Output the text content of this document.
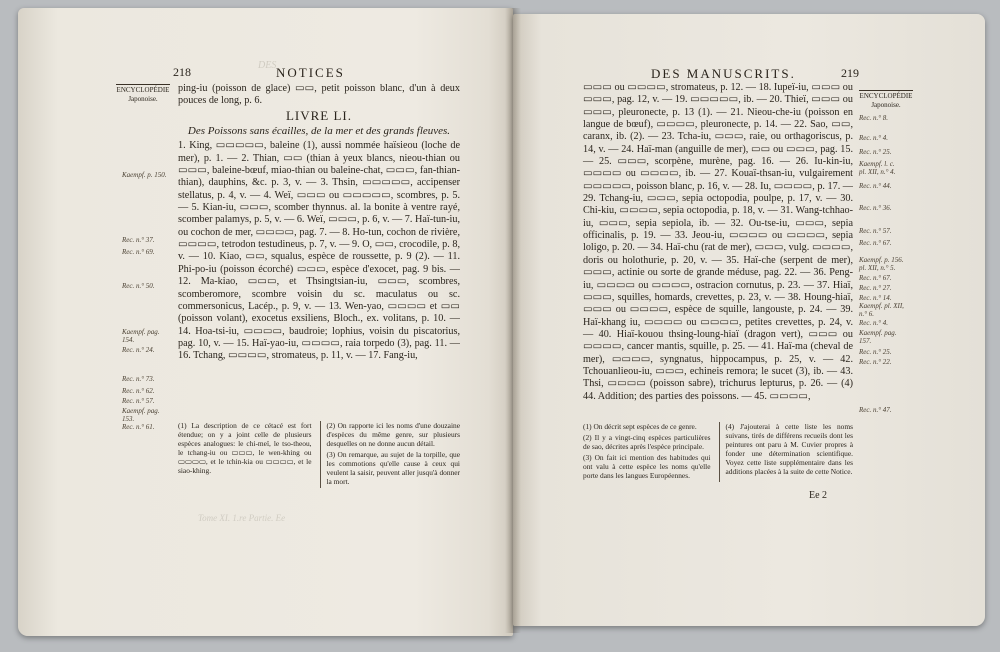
DES
218	NOTICES
ENCYCLOPÉDIE
Japonoise.
Kaempf. p. 150.
Rec. n.° 37.
Rec. n.° 69.
Rec. n.° 50.
Kaempf. pag.
154.
Rec. n.° 24.
Rec. n.° 73.
Rec. n.° 62.
Rec. n.° 57.
Kaempf. pag.
153.
Rec. n.° 61.

ping-iu (poisson de glace) ▭▭, petit poisson blanc, d'un à deux pouces de long, p. 6.

LIVRE LI.
Des Poissons sans écailles, de la mer et des grands fleuves.

1. King, ▭▭▭▭▭, baleine (1), aussi nommée haïsieou (loche de mer), p. 1. — 2. Thian, ▭▭ (thian à yeux blancs, nieou-thian ou ▭▭▭, baleine-bœuf, miao-thian ou baleine-chat, ▭▭▭, fan-thian-thian), dauphins, &c. p. 3, v. — 3. Thsin, ▭▭▭▭▭, accipenser stellatus, p. 4, v. — 4. Weï, ▭▭▭ ou ▭▭▭▭▭, scombres, p. 5. — 5. Kian-iu, ▭▭▭, scomber thynnus. al. la bonite à ventre rayé, scomber palamys, p. 5, v. — 6. Weï, ▭▭▭, p. 6, v. — 7. Haï-tun-iu, ou cochon de mer, ▭▭▭▭, pag. 7. — 8. Ho-tun, cochon de rivière, ▭▭▭▭, tetrodon testudineus, p. 7, v. — 9. O, ▭▭, crocodile, p. 8, v. — 10. Kiao, ▭▭, squalus, espèce de roussette, p. 9 (2). — 11. Phi-po-iu (poisson écorché) ▭▭▭, espèce d'exocet, pag. 9 bis. — 12. Ma-kiao, ▭▭▭, et Thsingtsian-iu, ▭▭▭, scombres, scomberomore, scombre voisin du sc. maculatus ou sc. commersonicus, Lacép., p. 9, v. — 13. Wen-yao, ▭▭▭▭ et ▭▭ (poisson volant), exocetus exsiliens, Bloch., ex. volitans, p. 10. — 14. Hoa-tsi-iu, ▭▭▭▭, baudroie; lophius, voisin du piscatorius, pag. 10, v. — 15. Haï-yao-iu, ▭▭▭▭, raia torpedo (3), pag. 11. — 16. Tchang, ▭▭▭▭, stromateus, p. 11, v. — 17. Fang-iu,

(1) La description de ce cétacé est fort étendue; on y a joint celle de plusieurs espèces analogues: le chi-meï, le tso-theou, le tchang-iu ou ▭▭▭, le wen-khing ou ▭▭▭▭, et le tchin-kia ou ▭▭▭▭, et le siao-khing.

(2) On rapporte ici les noms d'une douzaine d'espèces du même genre, sur plusieurs desquelles on ne donne aucun détail.

(3) On remarque, au sujet de la torpille, que les commotions qu'elle cause à ceux qui veulent la saisir, peuvent aller jusqu'à donner la mort.

Tome XI. 1.re Partie. Ee
DES MANUSCRITS.	219
ENCYCLOPÉDIE
Japonoise.
Rec. n.° 8.
Rec. n.° 4.
Rec. n.° 25.
Kaempf. l. c.
pl. XII, n.° 4.
Rec. n.° 44.
Rec. n.° 36.
Rec. n.° 57.
Rec. n.° 67.
Kaempf. p. 156.
pl. XII, n.° 5.
Rec. n.° 67.
Rec. n.° 27.
Rec. n.° 14.
Kaempf. pl. XII,
n.° 6.
Rec. n.° 4.
Kaempf. pag.
157.
Rec. n.° 25.
Rec. n.° 22.
Rec. n.° 47.

▭▭▭ ou ▭▭▭▭, stromateus, p. 12. — 18. Iupeï-iu, ▭▭▭ ou ▭▭▭, pag. 12, v. — 19. ▭▭▭▭▭, ib. — 20. Thieï, ▭▭▭ ou ▭▭▭, pleuronecte, p. 13 (1). — 21. Nieou-che-iu (poisson en langue de bœuf), ▭▭▭▭, pleuronecte, p. 14. — 22. Sao, ▭▭, caranx, ib. (2). — 23. Tcha-iu, ▭▭▭, raie, ou orthagoriscus, p. 14, v. — 24. Haï-man (anguille de mer), ▭▭ ou ▭▭▭, pag. 15. — 25. ▭▭▭, scorpène, murène, pag. 16. — 26. Iu-kin-iu, ▭▭▭▭ ou ▭▭▭▭, ib. — 27. Kouaï-thsan-iu, vulgairement ▭▭▭▭▭, poisson blanc, p. 16, v. — 28. Iu, ▭▭▭▭, p. 17. — 29. Tchang-iu, ▭▭▭, sepia octopodia, poulpe, p. 17, v. — 30. Chi-kiu, ▭▭▭▭, sepia octopodia, p. 18, v. — 31. Wang-tchhao-iu, ▭▭▭, sepia sepiola, ib. — 32. Ou-tse-iu, ▭▭▭, sepia officinalis, p. 19. — 33. Jeou-iu, ▭▭▭▭ ou ▭▭▭▭, sepia loligo, p. 20. — 34. Haï-chu (rat de mer), ▭▭▭, vulg. ▭▭▭▭, doris ou holothurie, p. 20, v. — 35. Haï-che (serpent de mer), ▭▭▭, actinie ou sorte de grande méduse, pag. 22. — 36. Peng-iu, ▭▭▭▭ ou ▭▭▭▭, ostracion cornutus, p. 23. — 37. Hiaï, ▭▭▭, squilles, homards, crevettes, p. 23, v. — 38. Houng-hiaï, ▭▭▭ ou ▭▭▭▭, espèce de squille, langouste, p. 24. — 39. Haï-khang iu, ▭▭▭▭ ou ▭▭▭▭, petites crevettes, p. 24, v. — 40. Hiaï-kouou thsing-loung-hiaï (dragon vert), ▭▭▭ ou ▭▭▭▭, cancer mantis, squille, p. 25. — 41. Haï-ma (cheval de mer), ▭▭▭▭, syngnatus, hippocampus, p. 25, v. — 42. Tchouanlieou-iu, ▭▭▭, echineis remora; le sucet (3), ib. — 43. Thsi, ▭▭▭▭ (poisson sabre), trichurus lepturus, p. 26. — (4) 44. Addition; des parties des poissons. — 45. ▭▭▭▭,

(1) On décrit sept espèces de ce genre.

(2) Il y a vingt-cinq espèces particulières de sao, décrites après l'espèce principale.

(3) On fait ici mention des habitudes qui ont valu à cette espèce les noms qu'elle porte dans les langues Européennes.

(4) J'ajouterai à cette liste les noms suivans, tirés de différens recueils dont les peintures ont paru à M. Cuvier propres à fonder une détermination scientifique. Voyez cette liste supplémentaire dans les additions placées à la suite de cette Notice.

Ee 2
